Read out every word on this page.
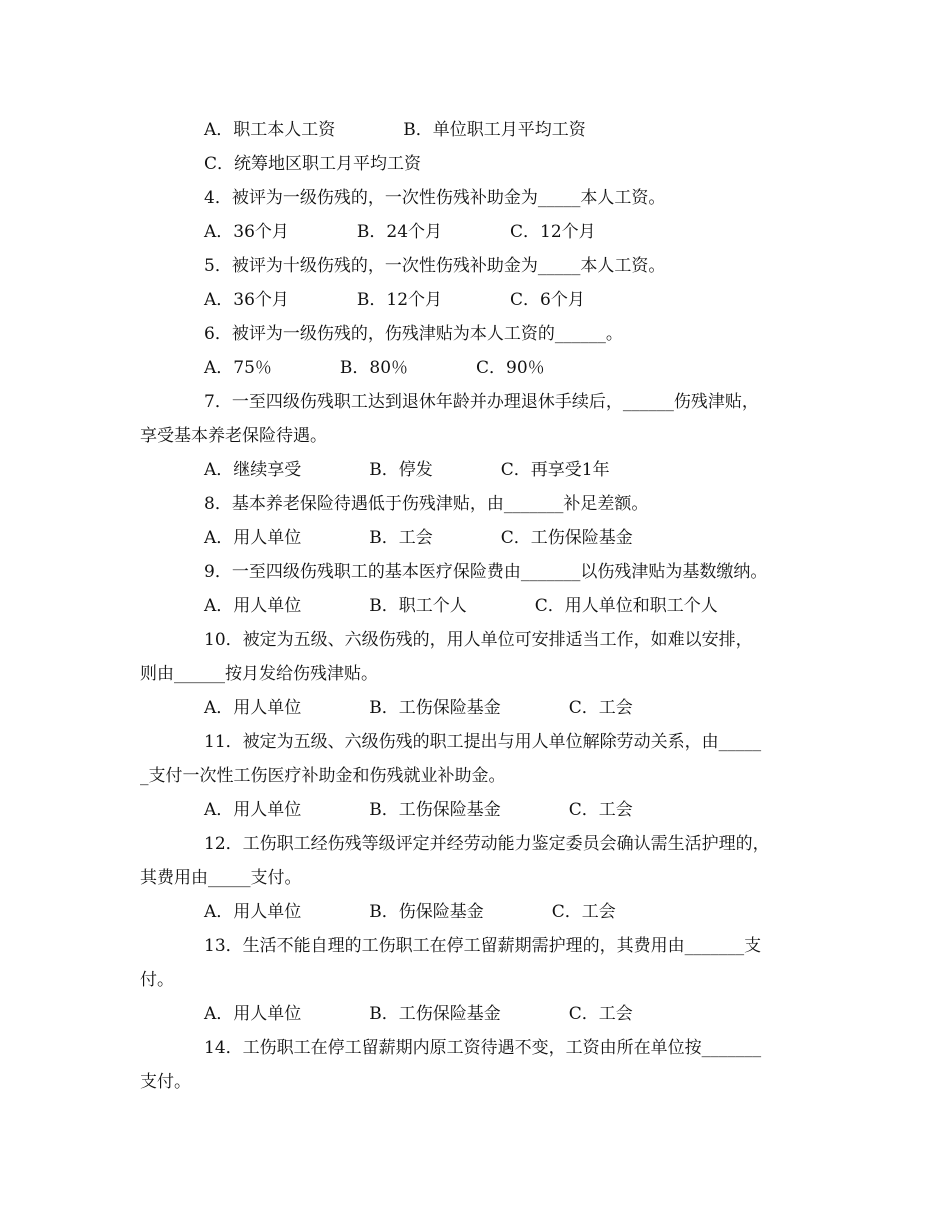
A．职工本人工资　　　　B．单位职工月平均工资
C．统筹地区职工月平均工资
4．被评为一级伤残的，一次性伤残补助金为_____本人工资。
A．36个月　　　　B．24个月　　　　C．12个月
5．被评为十级伤残的，一次性伤残补助金为_____本人工资。
A．36个月　　　　B．12个月　　　　C．6个月
6．被评为一级伤残的，伤残津贴为本人工资的______。
A．75％　　　　B．80％　　　　C．90％
7．一至四级伤残职工达到退休年龄并办理退休手续后，______伤残津贴，
享受基本养老保险待遇。
A．继续享受　　　　B．停发　　　　C．再享受1年
8．基本养老保险待遇低于伤残津贴，由_______补足差额。
A．用人单位　　　　B．工会　　　　C．工伤保险基金
9．一至四级伤残职工的基本医疗保险费由_______以伤残津贴为基数缴纳。
A．用人单位　　　　B．职工个人　　　　C．用人单位和职工个人
10．被定为五级、六级伤残的，用人单位可安排适当工作，如难以安排，
则由______按月发给伤残津贴。
A．用人单位　　　　B．工伤保险基金　　　　C．工会
11．被定为五级、六级伤残的职工提出与用人单位解除劳动关系，由_____
_支付一次性工伤医疗补助金和伤残就业补助金。
A．用人单位　　　　B．工伤保险基金　　　　C．工会
12．工伤职工经伤残等级评定并经劳动能力鉴定委员会确认需生活护理的，
其费用由_____支付。
A．用人单位　　　　B．伤保险基金　　　　C．工会
13．生活不能自理的工伤职工在停工留薪期需护理的，其费用由_______支
付。
A．用人单位　　　　B．工伤保险基金　　　　C．工会
14．工伤职工在停工留薪期内原工资待遇不变，工资由所在单位按_______
支付。
